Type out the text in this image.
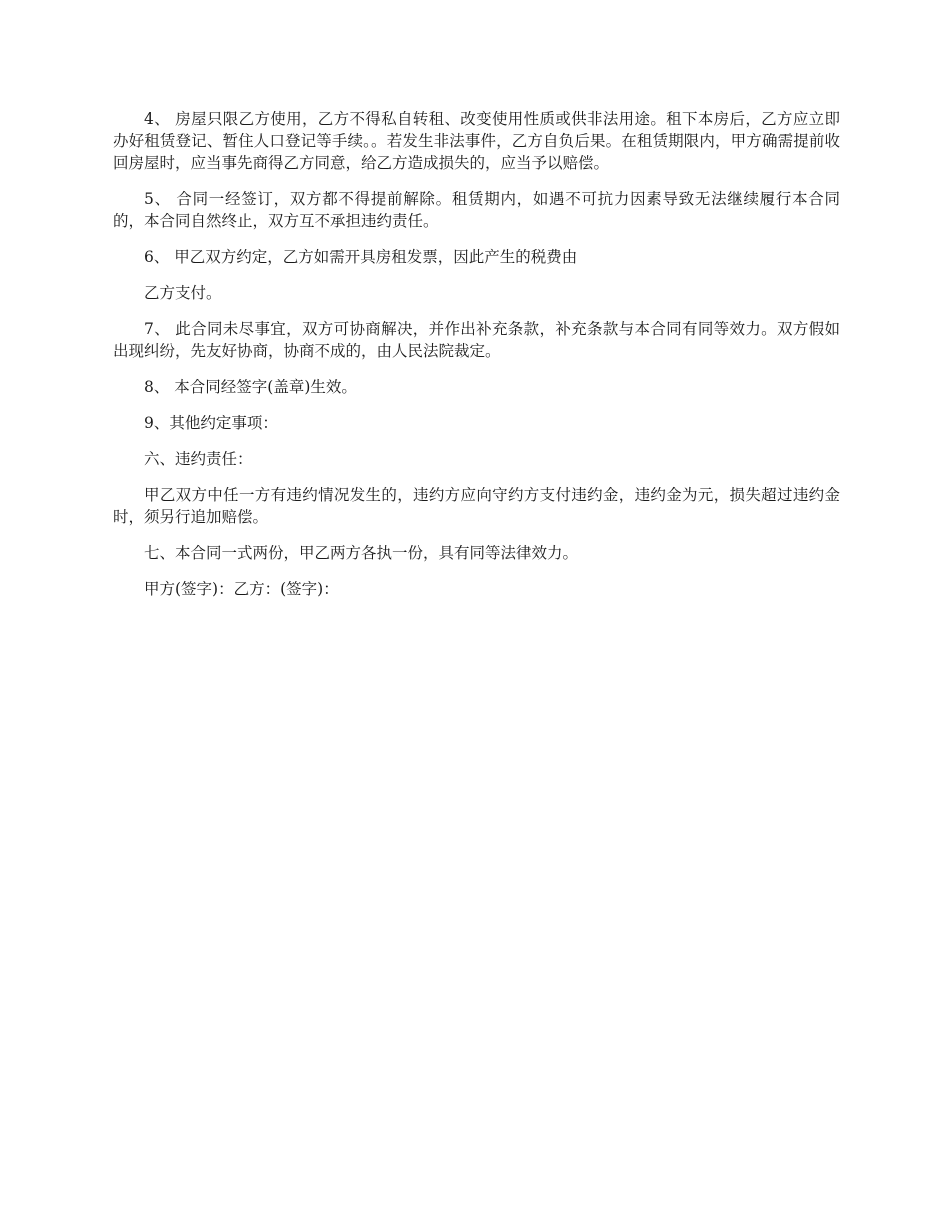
4、 房屋只限乙方使用，乙方不得私自转租、改变使用性质或供非法用途。租下本房后，乙方应立即办好租赁登记、暂住人口登记等手续。。若发生非法事件，乙方自负后果。在租赁期限内，甲方确需提前收回房屋时，应当事先商得乙方同意，给乙方造成损失的，应当予以赔偿。

5、 合同一经签订，双方都不得提前解除。租赁期内，如遇不可抗力因素导致无法继续履行本合同的，本合同自然终止，双方互不承担违约责任。

6、 甲乙双方约定，乙方如需开具房租发票，因此产生的税费由

乙方支付。

7、 此合同未尽事宜，双方可协商解决，并作出补充条款，补充条款与本合同有同等效力。双方假如出现纠纷，先友好协商，协商不成的，由人民法院裁定。

8、 本合同经签字(盖章)生效。

9、其他约定事项：

六、违约责任：

甲乙双方中任一方有违约情况发生的，违约方应向守约方支付违约金，违约金为元，损失超过违约金时，须另行追加赔偿。

七、本合同一式两份，甲乙两方各执一份，具有同等法律效力。

甲方(签字)：乙方：(签字)：
